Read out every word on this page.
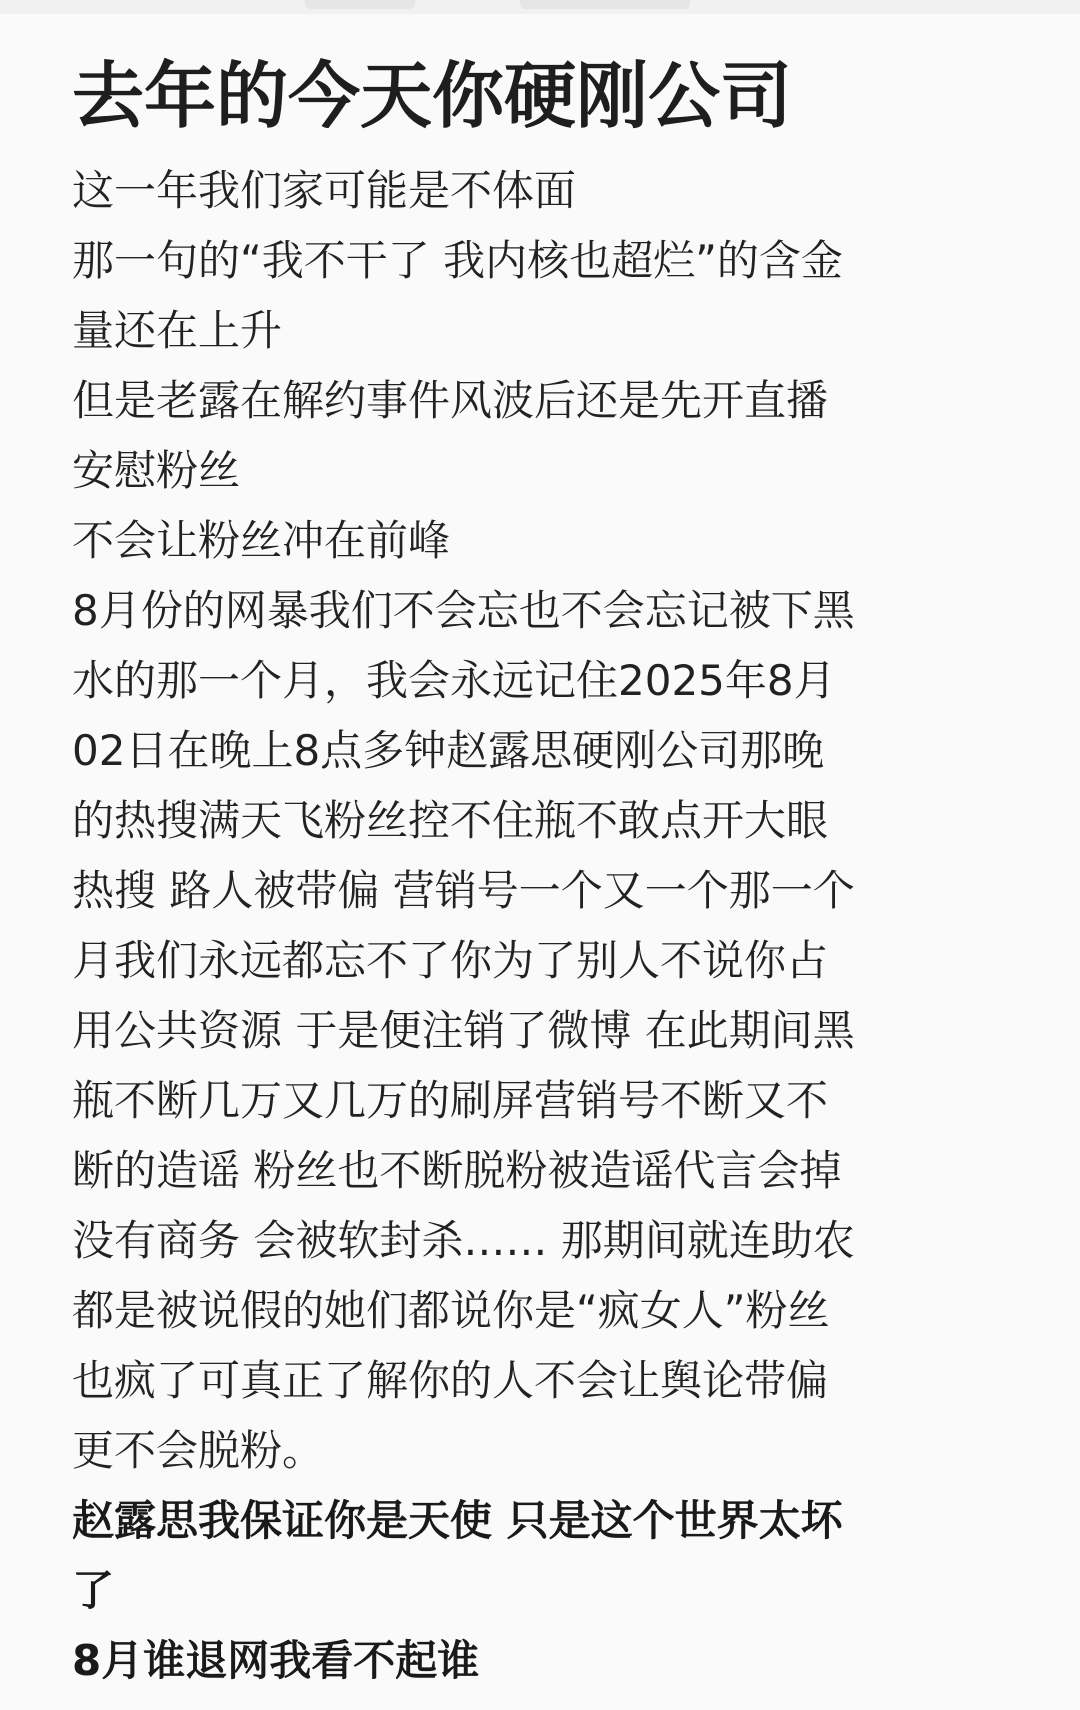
去年的今天你硬刚公司
这一年我们家可能是不体面
那一句的“我不干了 我内核也超烂”的含金
量还在上升
但是老露在解约事件风波后还是先开直播
安慰粉丝
不会让粉丝冲在前峰
8月份的网暴我们不会忘也不会忘记被下黑
水的那一个月，我会永远记住2025年8月
02日在晚上8点多钟赵露思硬刚公司那晚
的热搜满天飞粉丝控不住瓶不敢点开大眼
热搜 路人被带偏 营销号一个又一个那一个
月我们永远都忘不了你为了别人不说你占
用公共资源 于是便注销了微博 在此期间黑
瓶不断几万又几万的刷屏营销号不断又不
断的造谣 粉丝也不断脱粉被造谣代言会掉
没有商务 会被软封杀…… 那期间就连助农
都是被说假的她们都说你是“疯女人”粉丝
也疯了可真正了解你的人不会让舆论带偏
更不会脱粉。
赵露思我保证你是天使 只是这个世界太坏
了
8月谁退网我看不起谁
